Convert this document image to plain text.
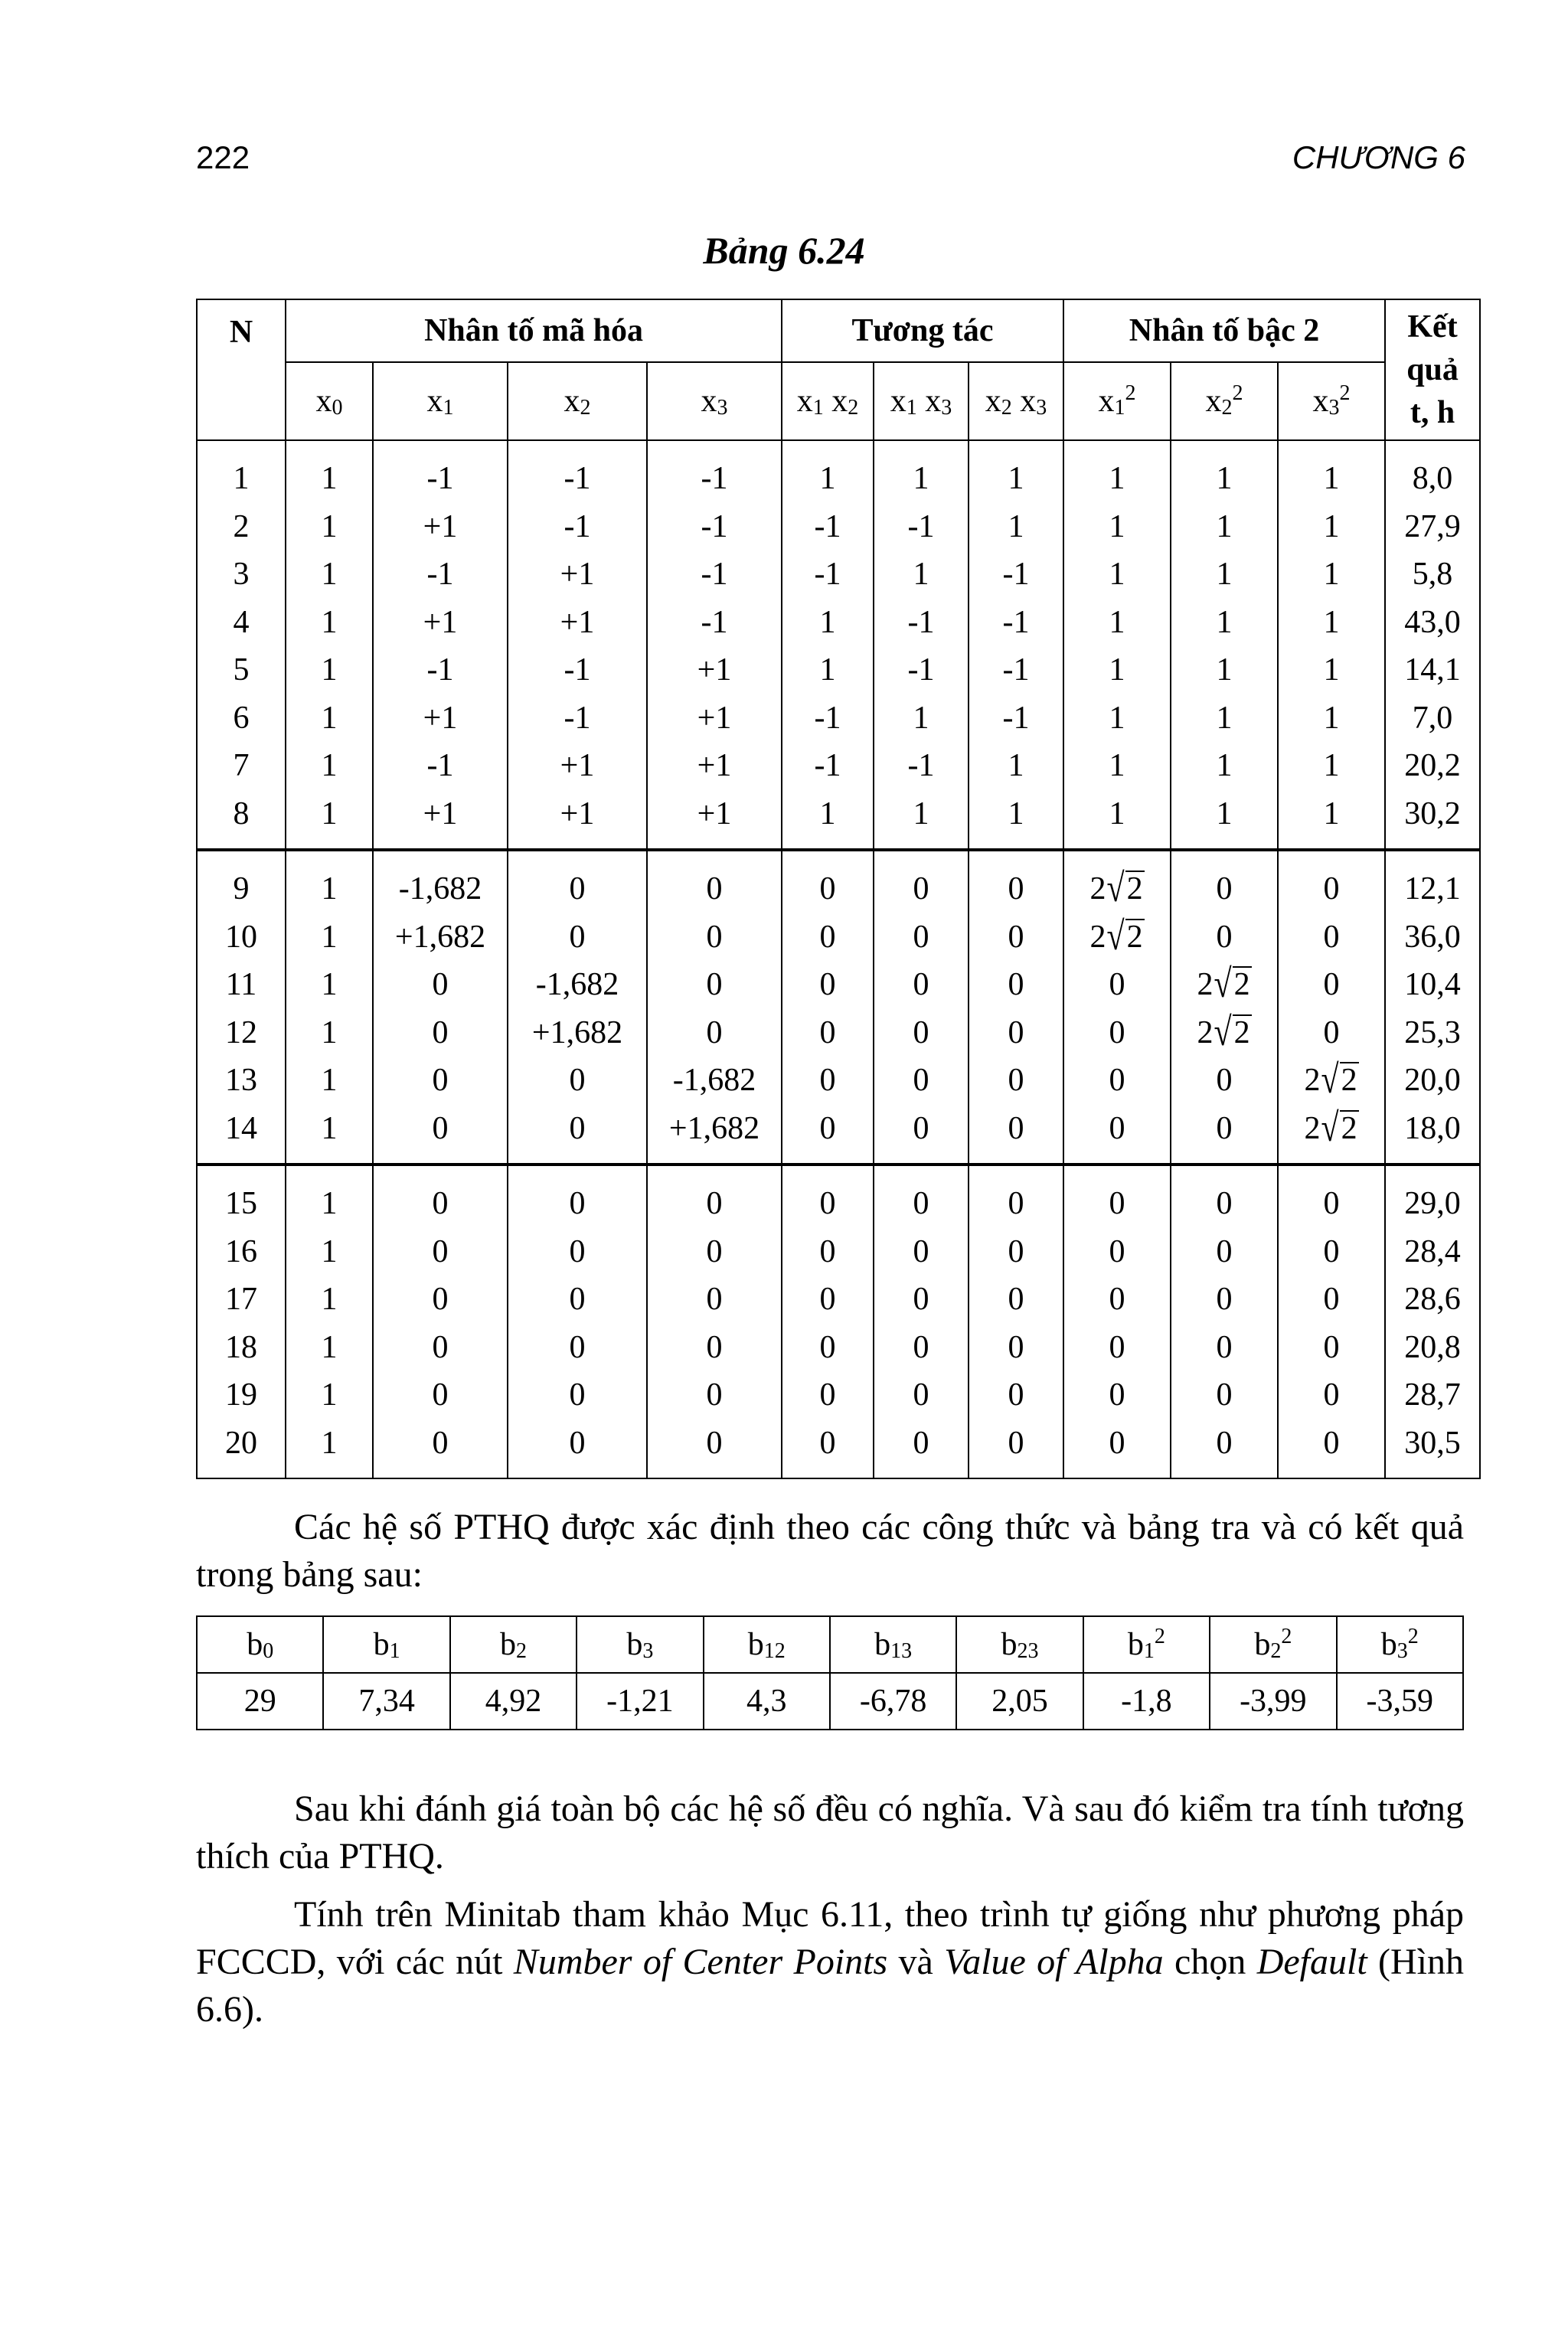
222	CHƯƠNG 6
Bảng 6.24
N	Nhân tố mã hóa				Tương tác			Nhân tố bậc 2			Kết
quả
t, h
	x0	x1	x2	x3	x1 x2	x1 x3	x2 x3	$x1^2$	$x2^2$	$x3^2$
1	1	-1	-1	-1	1	1	1	1	1	1	8,0
2	1	+1	-1	-1	-1	-1	1	1	1	1	27,9
3	1	-1	+1	-1	-1	1	-1	1	1	1	5,8
4	1	+1	+1	-1	1	-1	-1	1	1	1	43,0
5	1	-1	-1	+1	1	-1	-1	1	1	1	14,1
6	1	+1	-1	+1	-1	1	-1	1	1	1	7,0
7	1	-1	+1	+1	-1	-1	1	1	1	1	20,2
8	1	+1	+1	+1	1	1	1	1	1	1	30,2
9	1	-1,682	0	0	0	0	0	2√2	0	0	12,1
10	1	+1,682	0	0	0	0	0	2√2	0	0	36,0
11	1	0	-1,682	0	0	0	0	0	2√2	0	10,4
12	1	0	+1,682	0	0	0	0	0	2√2	0	25,3
13	1	0	0	-1,682	0	0	0	0	0	2√2	20,0
14	1	0	0	+1,682	0	0	0	0	0	2√2	18,0
15	1	0	0	0	0	0	0	0	0	0	29,0
16	1	0	0	0	0	0	0	0	0	0	28,4
17	1	0	0	0	0	0	0	0	0	0	28,6
18	1	0	0	0	0	0	0	0	0	0	20,8
19	1	0	0	0	0	0	0	0	0	0	28,7
20	1	0	0	0	0	0	0	0	0	0	30,5

Các hệ số PTHQ được xác định theo các công thức và bảng tra và có kết quả trong bảng sau:

b0	b1	b2	b3	b12	b13	b23	$b1^2$	$b2^2$	$b3^2$
29	7,34	4,92	-1,21	4,3	-6,78	2,05	-1,8	-3,99	-3,59

Sau khi đánh giá toàn bộ các hệ số đều có nghĩa. Và sau đó kiểm tra tính tương thích của PTHQ.

Tính trên Minitab tham khảo Mục 6.11, theo trình tự giống như phương pháp FCCCD, với các nút Number of Center Points và Value of Alpha chọn Default (Hình 6.6).
